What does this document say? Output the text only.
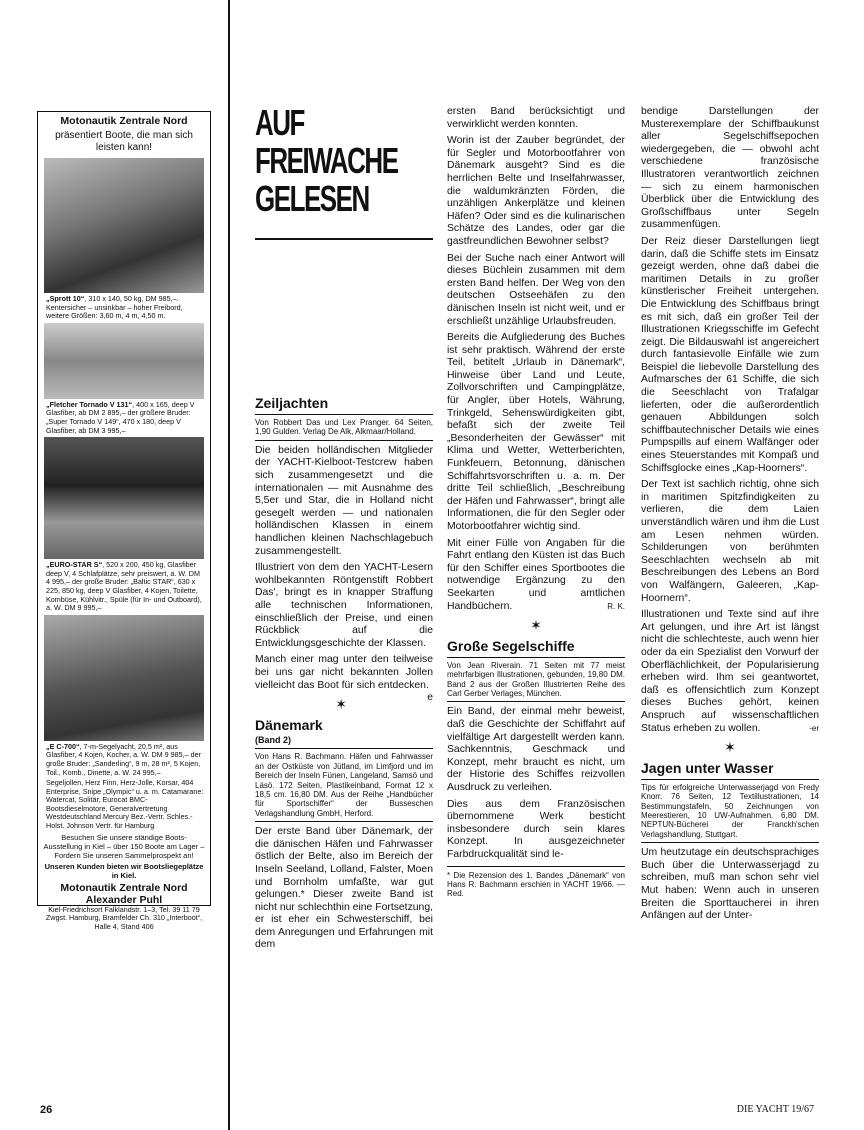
Motonautik Zentrale Nord
präsentiert Boote, die man sich leisten kann!
„Sprott 10“, 310 x 140, 50 kg, DM 985,–. Kentersicher – unsinkbar – hoher Freibord, weitere Größen: 3,60 m, 4 m, 4,50 m.
„Fletcher Tornado V 131“, 400 x 165, deep V Glasfiber, ab DM 2 895,– der größere Bruder: „Super Tornado V 149“, 470 x 180, deep V Glasfiber, ab DM 3 995,–
„EURO-STAR S“, 520 x 200, 450 kg, Glasfiber deep V, 4 Schlafplätze, sehr preiswert, a. W. DM 4 995,– der große Bruder: „Baltic STAR“, 630 x 225, 850 kg, deep V Glasfiber, 4 Kojen, Toilette, Kombüse, Kühlvitr., Spüle (für In- und Outboard), a. W. DM 9 995,–
„E C-700“, 7-m-Segelyacht, 20,5 m², aus Glasfiber, 4 Kojen, Kocher, a. W. DM 9 985,– der große Bruder: „Sanderling“, 9 m, 28 m², 5 Kojen, Toil., Komb., Dinette, a. W. 24 995,–
Segeljollen, Herz Finn, Herz-Jolle, Korsar, 404 Enterprise, Snipe „Olympic“ u. a. m. Catamarane: Watercat, Solitär, Eurocat BMC-Bootsdieselmotore, Generalvertretung Westdeutschland Mercury Bez.-Vertr. Schles.-Holst. Johnson Vertr. für Hamburg
Besuchen Sie unsere ständige Boots-Ausstellung in Kiel – über 150 Boote am Lager – Fordern Sie unseren Sammelprospekt an!
Unseren Kunden bieten wir Bootsliegeplätze in Kiel.
Motonautik Zentrale Nord Alexander Puhl
Kiel-Friedrichsort Falklandstr. 1–3, Tel. 39 11 79 Zwgst. Hamburg, Bramfelder Ch. 310 „Interboot“, Halle 4, Stand 406
AUF
FREIWACHE
GELESEN
Zeiljachten
Von Robbert Das und Lex Pranger. 64 Seiten, 1,90 Gulden. Verlag De Alk, Alkmaar/Holland.

Die beiden holländischen Mitglieder der YACHT-Kielboot-Testcrew haben sich zusammengesetzt und die internationalen — mit Ausnahme des 5,5er und Star, die in Holland nicht gesegelt werden — und nationalen holländischen Klassen in einem handlichen kleinen Nachschlagebuch zusammengestellt.

Illustriert von dem den YACHT-Lesern wohlbekannten Röntgenstift Robbert Das', bringt es in knapper Straffung alle technischen Informationen, einschließlich der Preise, und einen Rückblick auf die Entwicklungsgeschichte der Klassen.

Manch einer mag unter den teilweise bei uns gar nicht bekannten Jollen vielleicht das Boot für sich entdecken.
e

✶
Dänemark
(Band 2)
Von Hans R. Bachmann. Häfen und Fahrwasser an der Ostküste von Jütland, im Limfjord und im Bereich der Inseln Fünen, Langeland, Samsö und Läsö. 172 Seiten, Plastikeinband, Format 12 x 18,5 cm. 16,80 DM. Aus der Reihe „Handbücher für Sportschiffer“ der Busseschen Verlagshandlung GmbH, Herford.

Der erste Band über Dänemark, der die dänischen Häfen und Fahrwasser östlich der Belte, also im Bereich der Inseln Seeland, Lolland, Falster, Moen und Bornholm umfaßte, war gut gelungen.* Dieser zweite Band ist nicht nur schlechthin eine Fortsetzung, er ist eher ein Schwesterschiff, bei dem Anregungen und Erfahrungen mit dem

ersten Band berücksichtigt und verwirklicht werden konnten.

Worin ist der Zauber begründet, der für Segler und Motorbootfahrer von Dänemark ausgeht? Sind es die herrlichen Belte und Inselfahrwasser, die waldumkränzten Förden, die unzähligen Ankerplätze und kleinen Häfen? Oder sind es die kulinarischen Schätze des Landes, oder gar die gastfreundlichen Bewohner selbst?

Bei der Suche nach einer Antwort will dieses Büchlein zusammen mit dem ersten Band helfen. Der Weg von den deutschen Ostseehäfen zu den dänischen Inseln ist nicht weit, und er erschließt unzählige Urlaubsfreuden.

Bereits die Aufgliederung des Buches ist sehr praktisch. Während der erste Teil, betitelt „Urlaub in Dänemark“, Hinweise über Land und Leute, Zollvorschriften und Campingplätze, für Angler, über Hotels, Währung, Trinkgeld, Sehenswürdigkeiten gibt, befaßt sich der zweite Teil „Besonderheiten der Gewässer“ mit Klima und Wetter, Wetterberichten, Funkfeuern, Betonnung, dänischen Schiffahrtsvorschriften u. a. m. Der dritte Teil schließlich, „Beschreibung der Häfen und Fahrwasser“, bringt alle Informationen, die für den Segler oder Motorbootfahrer wichtig sind.

Mit einer Fülle von Angaben für die Fahrt entlang den Küsten ist das Buch für den Schiffer eines Sportbootes die notwendige Ergänzung zu den Seekarten und amtlichen Handbüchern.	R. K.

✶
Große Segelschiffe
Von Jean Riverain. 71 Seiten mit 77 meist mehrfarbigen Illustrationen, gebunden, 19,80 DM. Band 2 aus der Großen Illustrierten Reihe des Carl Gerber Verlages, München.

Ein Band, der einmal mehr beweist, daß die Geschichte der Schiffahrt auf vielfältige Art dargestellt werden kann. Sachkenntnis, Geschmack und Konzept, mehr braucht es nicht, um der Historie des Schiffes reizvollen Ausdruck zu verleihen.

Dies aus dem Französischen übernommene Werk besticht insbesondere durch sein klares Konzept. In ausgezeichneter Farbdruckqualität sind le-

* Die Rezension des 1. Bandes „Dänemark“ von Hans R. Bachmann erschien in YACHT 19/66. — Red.

bendige Darstellungen der Musterexemplare der Schiffbaukunst aller Segelschiffsepochen wiedergegeben, die — obwohl acht verschiedene französische Illustratoren verantwortlich zeichnen — sich zu einem harmonischen Überblick über die Entwicklung des Großschiffbaus unter Segeln zusammenfügen.

Der Reiz dieser Darstellungen liegt darin, daß die Schiffe stets im Einsatz gezeigt werden, ohne daß dabei die maritimen Details in zu großer künstlerischer Freiheit untergehen. Die Entwicklung des Schiffbaus bringt es mit sich, daß ein großer Teil der Illustrationen Kriegsschiffe im Gefecht zeigt. Die Bildauswahl ist angereichert durch fantasievolle Einfälle wie zum Beispiel die liebevolle Darstellung des Aufmarsches der 61 Schiffe, die sich die Seeschlacht von Trafalgar lieferten, oder die außerordentlich genauen Abbildungen solch schiffbautechnischer Details wie eines Pumpspills auf einem Walfänger oder eines Steuerstandes mit Kompaß und Schiffsglocke eines „Kap-Hoorners“.

Der Text ist sachlich richtig, ohne sich in maritimen Spitzfindigkeiten zu verlieren, die dem Laien unverständlich wären und ihm die Lust am Lesen nehmen würden. Schilderungen von berühmten Seeschlachten wechseln ab mit Beschreibungen des Lebens an Bord von Walfängern, Galeeren, „Kap-Hoornern“.

Illustrationen und Texte sind auf ihre Art gelungen, und ihre Art ist längst nicht die schlechteste, auch wenn hier oder da ein Spezialist den Vorwurf der Oberflächlichkeit, der Popularisierung erheben wird. Ihm sei geantwortet, daß es offensichtlich zum Konzept dieses Buches gehört, keinen Anspruch auf wissenschaftlichen Status erheben zu wollen.	-er

✶
Jagen unter Wasser
Tips für erfolgreiche Unterwasserjagd von Fredy Knorr. 76 Seiten, 12 Textillustrationen, 14 Bestimmungstafeln, 50 Zeichnungen von Meerestieren, 10 UW-Aufnahmen. 6,80 DM. NEPTUN-Bücherei der Franckh'schen Verlagshandlung, Stuttgart.

Um heutzutage ein deutschsprachiges Buch über die Unterwasserjagd zu schreiben, muß man schon sehr viel Mut haben: Wenn auch in unseren Breiten die Sporttaucherei in ihren Anfängen auf der Unter-

26	DIE YACHT 19/67
